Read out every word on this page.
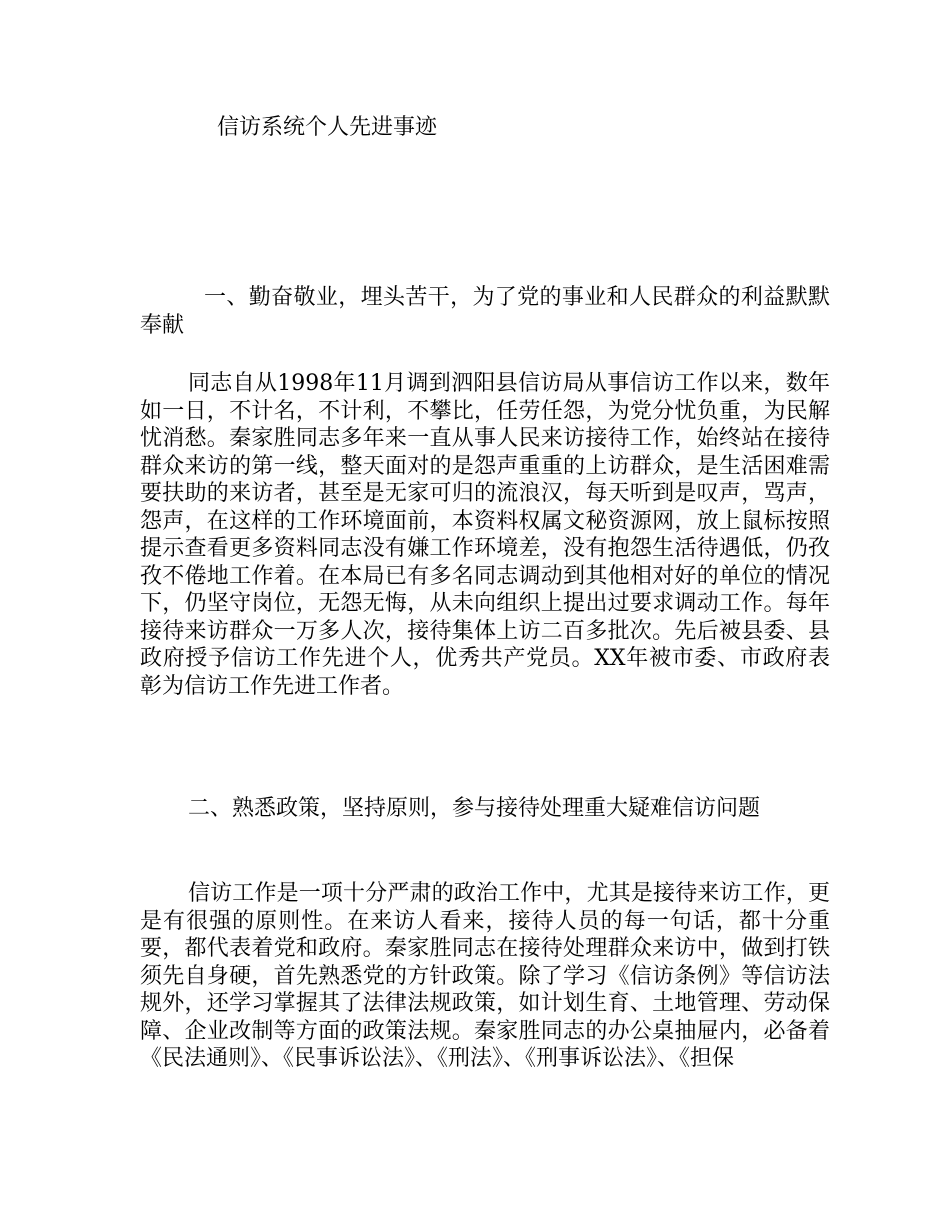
信访系统个人先进事迹

一、勤奋敬业，埋头苦干，为了党的事业和人民群众的利益默默奉献

同志自从1998年11月调到泗阳县信访局从事信访工作以来，数年如一日，不计名，不计利，不攀比，任劳任怨，为党分忧负重，为民解忧消愁。秦家胜同志多年来一直从事人民来访接待工作，始终站在接待群众来访的第一线，整天面对的是怨声重重的上访群众，是生活困难需要扶助的来访者，甚至是无家可归的流浪汉，每天听到是叹声，骂声，怨声，在这样的工作环境面前，本资料权属文秘资源网，放上鼠标按照提示查看更多资料同志没有嫌工作环境差，没有抱怨生活待遇低，仍孜孜不倦地工作着。在本局已有多名同志调动到其他相对好的单位的情况下，仍坚守岗位，无怨无悔，从未向组织上提出过要求调动工作。每年接待来访群众一万多人次，接待集体上访二百多批次。先后被县委、县政府授予信访工作先进个人，优秀共产党员。XX年被市委、市政府表彰为信访工作先进工作者。

二、熟悉政策，坚持原则，参与接待处理重大疑难信访问题

信访工作是一项十分严肃的政治工作中，尤其是接待来访工作，更是有很强的原则性。在来访人看来，接待人员的每一句话，都十分重要，都代表着党和政府。秦家胜同志在接待处理群众来访中，做到打铁须先自身硬，首先熟悉党的方针政策。除了学习《信访条例》等信访法规外，还学习掌握其了法律法规政策，如计划生育、土地管理、劳动保障、企业改制等方面的政策法规。秦家胜同志的办公桌抽屉内，必备着《民法通则》、《民事诉讼法》、《刑法》、《刑事诉讼法》、《担保
